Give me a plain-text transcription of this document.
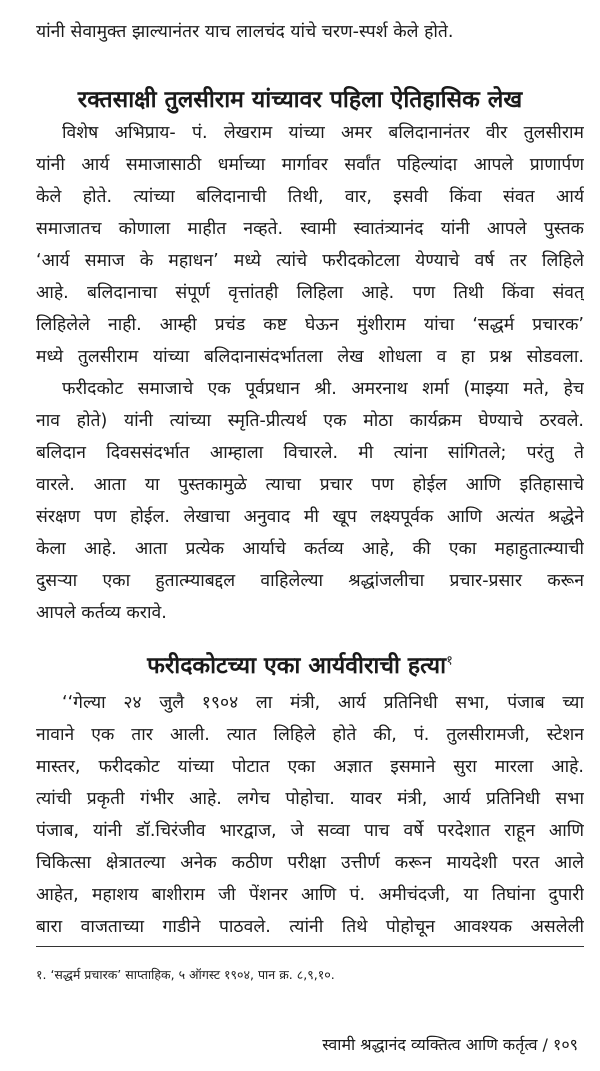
यांनी सेवामुक्त झाल्यानंतर याच लालचंद यांचे चरण-स्पर्श केले होते.
रक्तसाक्षी तुलसीराम यांच्यावर पहिला ऐतिहासिक लेख
विशेष अभिप्राय- पं. लेखराम यांच्या अमर बलिदानानंतर वीर तुलसीराम
यांनी आर्य समाजासाठी धर्माच्या मार्गावर सर्वांत पहिल्यांदा आपले प्राणार्पण
केले होते. त्यांच्या बलिदानाची तिथी, वार, इसवी किंवा संवत आर्य
समाजातच कोणाला माहीत नव्हते. स्वामी स्वातंत्र्यानंद यांनी आपले पुस्तक
‘आर्य समाज के महाधन’ मध्ये त्यांचे फरीदकोटला येण्याचे वर्ष तर लिहिले
आहे. बलिदानाचा संपूर्ण वृत्तांतही लिहिला आहे. पण तिथी किंवा संवत्
लिहिलेले नाही. आम्ही प्रचंड कष्ट घेऊन मुंशीराम यांचा ‘सद्धर्म प्रचारक’
मध्ये तुलसीराम यांच्या बलिदानासंदर्भातला लेख शोधला व हा प्रश्न सोडवला.
फरीदकोट समाजाचे एक पूर्वप्रधान श्री. अमरनाथ शर्मा (माझ्या मते, हेच
नाव होते) यांनी त्यांच्या स्मृति-प्रीत्यर्थ एक मोठा कार्यक्रम घेण्याचे ठरवले.
बलिदान दिवससंदर्भात आम्हाला विचारले. मी त्यांना सांगितले; परंतु ते
वारले. आता या पुस्तकामुळे त्याचा प्रचार पण होईल आणि इतिहासाचे
संरक्षण पण होईल. लेखाचा अनुवाद मी खूप लक्ष्यपूर्वक आणि अत्यंत श्रद्धेने
केला आहे. आता प्रत्येक आर्याचे कर्तव्य आहे, की एका महाहुतात्म्याची
दुसऱ्या एका हुतात्म्याबद्दल वाहिलेल्या श्रद्धांजलीचा प्रचार-प्रसार करून
आपले कर्तव्य करावे.
फरीदकोटच्या एका आर्यवीराची हत्या$^१$
‘‘गेल्या २४ जुलै १९०४ ला मंत्री, आर्य प्रतिनिधी सभा, पंजाब च्या
नावाने एक तार आली. त्यात लिहिले होते की, पं. तुलसीरामजी, स्टेशन
मास्तर, फरीदकोट यांच्या पोटात एका अज्ञात इसमाने सुरा मारला आहे.
त्यांची प्रकृती गंभीर आहे. लगेच पोहोचा. यावर मंत्री, आर्य प्रतिनिधी सभा
पंजाब, यांनी डॉ.चिरंजीव भारद्वाज, जे सव्वा पाच वर्षे परदेशात राहून आणि
चिकित्सा क्षेत्रातल्या अनेक कठीण परीक्षा उत्तीर्ण करून मायदेशी परत आले
आहेत, महाशय बाशीराम जी पेंशनर आणि पं. अमीचंदजी, या तिघांना दुपारी
बारा वाजताच्या गाडीने पाठवले. त्यांनी तिथे पोहोचून आवश्यक असलेली
१. ‘सद्धर्म प्रचारक’ साप्ताहिक, ५ ऑगस्ट १९०४, पान क्र. ८,९,१०.
स्वामी श्रद्धानंद व्यक्तित्व आणि कर्तृत्व / १०९
